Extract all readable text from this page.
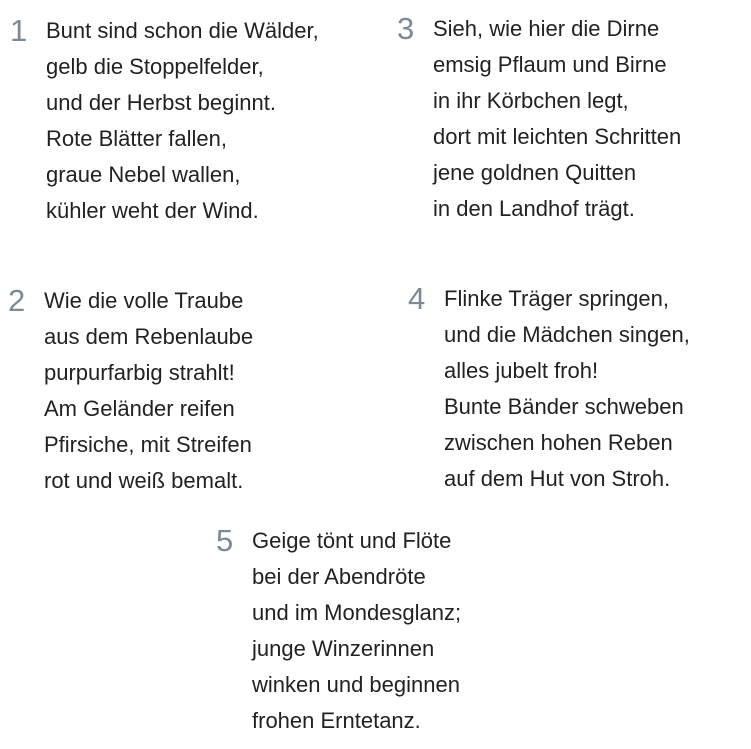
1 Bunt sind schon die Wälder,
gelb die Stoppelfelder,
und der Herbst beginnt.
Rote Blätter fallen,
graue Nebel wallen,
kühler weht der Wind.
3 Sieh, wie hier die Dirne
emsig Pflaum und Birne
in ihr Körbchen legt,
dort mit leichten Schritten
jene goldnen Quitten
in den Landhof trägt.
2 Wie die volle Traube
aus dem Rebenlaube
purpurfarbig strahlt!
Am Geländer reifen
Pfirsiche, mit Streifen
rot und weiß bemalt.
4 Flinke Träger springen,
und die Mädchen singen,
alles jubelt froh!
Bunte Bänder schweben
zwischen hohen Reben
auf dem Hut von Stroh.
5 Geige tönt und Flöte
bei der Abendröte
und im Mondesglanz;
junge Winzerinnen
winken und beginnen
frohen Erntetanz.
